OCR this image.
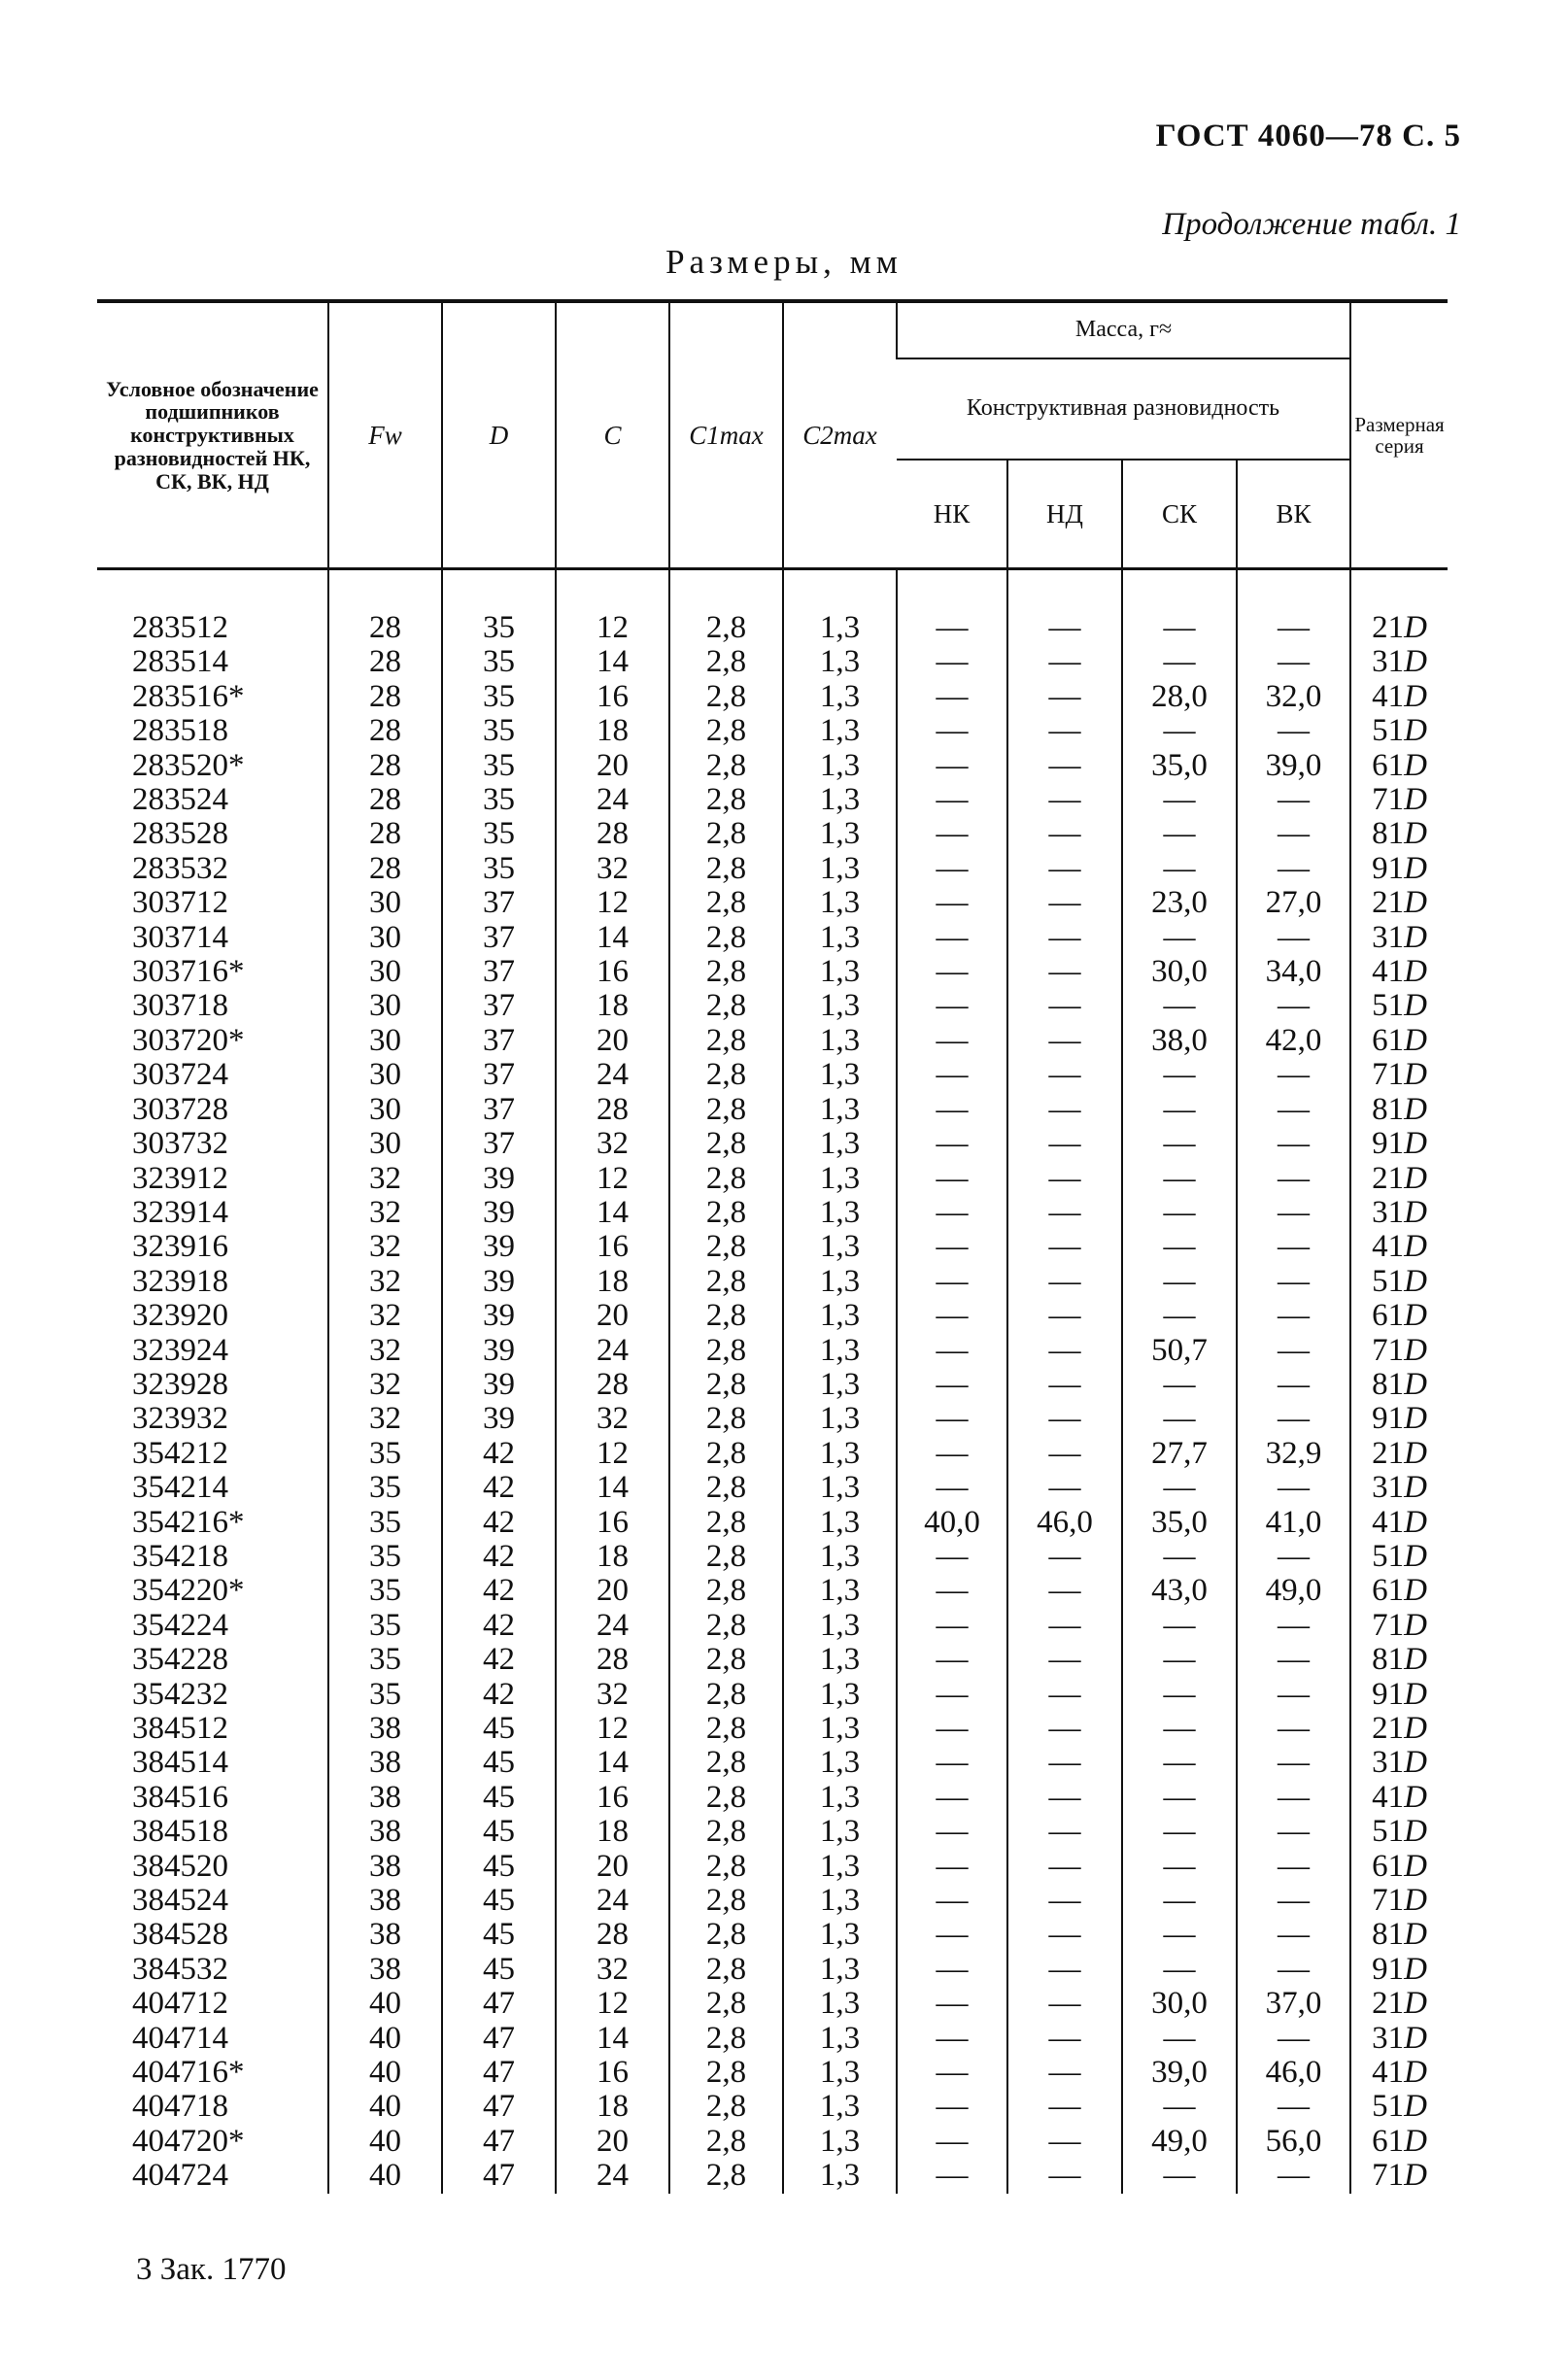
ГОСТ 4060—78 С. 5
Продолжение табл. 1
Размеры, мм
Условное обозначение подшипников конструктивных разновидностей НК, СК, ВК, НД	Fw	D	C	C1max	C2max	Масса, г≈				Размерная серия
						Конструктивная разновидность				
						НК	НД	СК	ВК	

283512	28	35	12	2,8	1,3	—	—	—	—	21D
283514	28	35	14	2,8	1,3	—	—	—	—	31D
283516*	28	35	16	2,8	1,3	—	—	28,0	32,0	41D
283518	28	35	18	2,8	1,3	—	—	—	—	51D
283520*	28	35	20	2,8	1,3	—	—	35,0	39,0	61D
283524	28	35	24	2,8	1,3	—	—	—	—	71D
283528	28	35	28	2,8	1,3	—	—	—	—	81D
283532	28	35	32	2,8	1,3	—	—	—	—	91D
303712	30	37	12	2,8	1,3	—	—	23,0	27,0	21D
303714	30	37	14	2,8	1,3	—	—	—	—	31D
303716*	30	37	16	2,8	1,3	—	—	30,0	34,0	41D
303718	30	37	18	2,8	1,3	—	—	—	—	51D
303720*	30	37	20	2,8	1,3	—	—	38,0	42,0	61D
303724	30	37	24	2,8	1,3	—	—	—	—	71D
303728	30	37	28	2,8	1,3	—	—	—	—	81D
303732	30	37	32	2,8	1,3	—	—	—	—	91D
323912	32	39	12	2,8	1,3	—	—	—	—	21D
323914	32	39	14	2,8	1,3	—	—	—	—	31D
323916	32	39	16	2,8	1,3	—	—	—	—	41D
323918	32	39	18	2,8	1,3	—	—	—	—	51D
323920	32	39	20	2,8	1,3	—	—	—	—	61D
323924	32	39	24	2,8	1,3	—	—	50,7	—	71D
323928	32	39	28	2,8	1,3	—	—	—	—	81D
323932	32	39	32	2,8	1,3	—	—	—	—	91D
354212	35	42	12	2,8	1,3	—	—	27,7	32,9	21D
354214	35	42	14	2,8	1,3	—	—	—	—	31D
354216*	35	42	16	2,8	1,3	40,0	46,0	35,0	41,0	41D
354218	35	42	18	2,8	1,3	—	—	—	—	51D
354220*	35	42	20	2,8	1,3	—	—	43,0	49,0	61D
354224	35	42	24	2,8	1,3	—	—	—	—	71D
354228	35	42	28	2,8	1,3	—	—	—	—	81D
354232	35	42	32	2,8	1,3	—	—	—	—	91D
384512	38	45	12	2,8	1,3	—	—	—	—	21D
384514	38	45	14	2,8	1,3	—	—	—	—	31D
384516	38	45	16	2,8	1,3	—	—	—	—	41D
384518	38	45	18	2,8	1,3	—	—	—	—	51D
384520	38	45	20	2,8	1,3	—	—	—	—	61D
384524	38	45	24	2,8	1,3	—	—	—	—	71D
384528	38	45	28	2,8	1,3	—	—	—	—	81D
384532	38	45	32	2,8	1,3	—	—	—	—	91D
404712	40	47	12	2,8	1,3	—	—	30,0	37,0	21D
404714	40	47	14	2,8	1,3	—	—	—	—	31D
404716*	40	47	16	2,8	1,3	—	—	39,0	46,0	41D
404718	40	47	18	2,8	1,3	—	—	—	—	51D
404720*	40	47	20	2,8	1,3	—	—	49,0	56,0	61D
404724	40	47	24	2,8	1,3	—	—	—	—	71D
3 Зак. 1770
